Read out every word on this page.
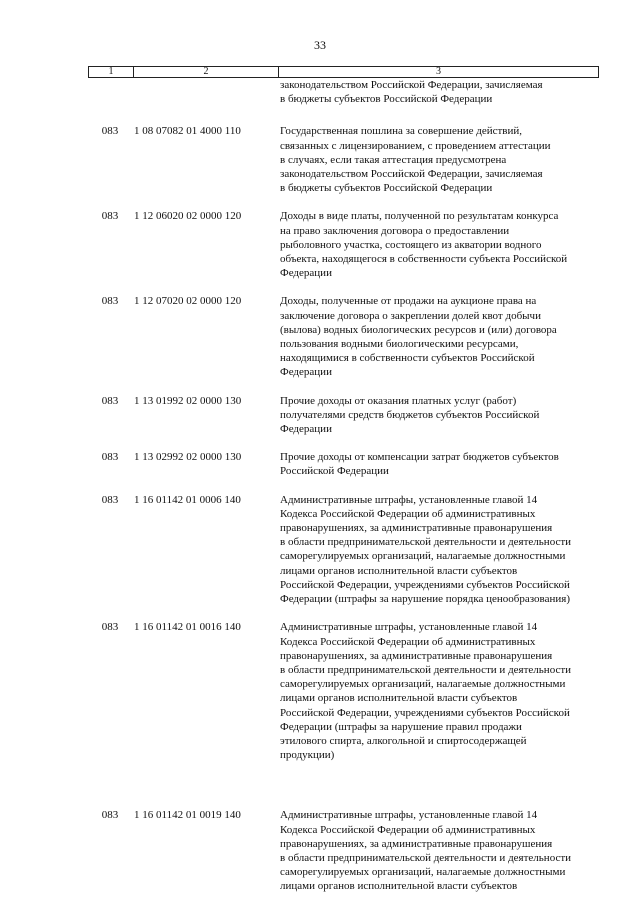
33
1	2	3
законодательством Российской Федерации, зачисляемая
в бюджеты субъектов Российской Федерации
083	1 08 07082 01 4000 110	Государственная пошлина за совершение действий,
связанных с лицензированием, с проведением аттестации
в случаях, если такая аттестация предусмотрена
законодательством Российской Федерации, зачисляемая
в бюджеты субъектов Российской Федерации
083	1 12 06020 02 0000 120	Доходы в виде платы, полученной по результатам конкурса
на право заключения договора о предоставлении
рыболовного участка, состоящего из акватории водного
объекта, находящегося в собственности субъекта Российской
Федерации
083	1 12 07020 02 0000 120	Доходы, полученные от продажи на аукционе права на
заключение договора о закреплении долей квот добычи
(вылова) водных биологических ресурсов и (или) договора
пользования водными биологическими ресурсами,
находящимися в собственности субъектов Российской
Федерации
083	1 13 01992 02 0000 130	Прочие доходы от оказания платных услуг (работ)
получателями средств бюджетов субъектов Российской
Федерации
083	1 13 02992 02 0000 130	Прочие доходы от компенсации затрат бюджетов субъектов
Российской Федерации
083	1 16 01142 01 0006 140	Административные штрафы, установленные главой 14
Кодекса Российской Федерации об административных
правонарушениях, за административные правонарушения
в области предпринимательской деятельности и деятельности
саморегулируемых организаций, налагаемые должностными
лицами органов исполнительной власти субъектов
Российской Федерации, учреждениями субъектов Российской
Федерации (штрафы за нарушение порядка ценообразования)
083	1 16 01142 01 0016 140	Административные штрафы, установленные главой 14
Кодекса Российской Федерации об административных
правонарушениях, за административные правонарушения
в области предпринимательской деятельности и деятельности
саморегулируемых организаций, налагаемые должностными
лицами органов исполнительной власти субъектов
Российской Федерации, учреждениями субъектов Российской
Федерации (штрафы за нарушение правил продажи
этилового спирта, алкогольной и спиртосодержащей
продукции)
083	1 16 01142 01 0019 140	Административные штрафы, установленные главой 14
Кодекса Российской Федерации об административных
правонарушениях, за административные правонарушения
в области предпринимательской деятельности и деятельности
саморегулируемых организаций, налагаемые должностными
лицами органов исполнительной власти субъектов
